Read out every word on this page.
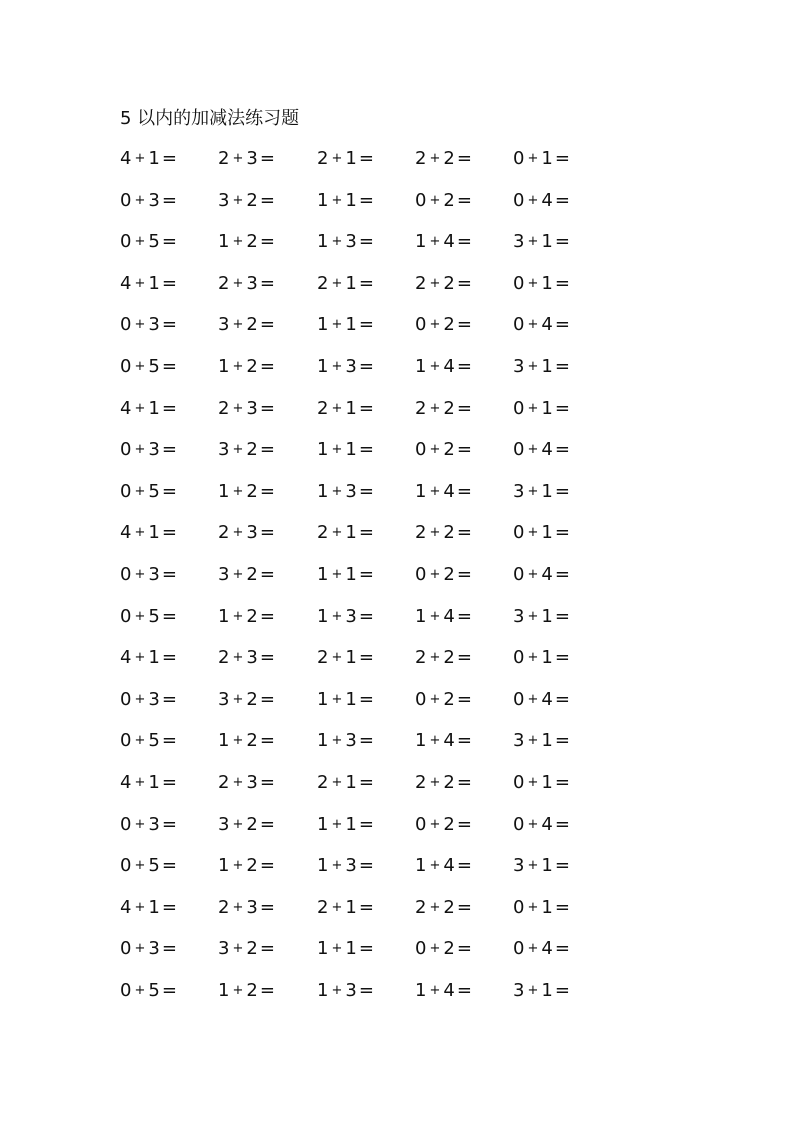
5 以内的加减法练习题
4 + 1 = 2 + 3 = 2 + 1 = 2 + 2 = 0 + 1 =
0 + 3 = 3 + 2 = 1 + 1 = 0 + 2 = 0 + 4 =
0 + 5 = 1 + 2 = 1 + 3 = 1 + 4 = 3 + 1 =
4 + 1 = 2 + 3 = 2 + 1 = 2 + 2 = 0 + 1 =
0 + 3 = 3 + 2 = 1 + 1 = 0 + 2 = 0 + 4 =
0 + 5 = 1 + 2 = 1 + 3 = 1 + 4 = 3 + 1 =
4 + 1 = 2 + 3 = 2 + 1 = 2 + 2 = 0 + 1 =
0 + 3 = 3 + 2 = 1 + 1 = 0 + 2 = 0 + 4 =
0 + 5 = 1 + 2 = 1 + 3 = 1 + 4 = 3 + 1 =
4 + 1 = 2 + 3 = 2 + 1 = 2 + 2 = 0 + 1 =
0 + 3 = 3 + 2 = 1 + 1 = 0 + 2 = 0 + 4 =
0 + 5 = 1 + 2 = 1 + 3 = 1 + 4 = 3 + 1 =
4 + 1 = 2 + 3 = 2 + 1 = 2 + 2 = 0 + 1 =
0 + 3 = 3 + 2 = 1 + 1 = 0 + 2 = 0 + 4 =
0 + 5 = 1 + 2 = 1 + 3 = 1 + 4 = 3 + 1 =
4 + 1 = 2 + 3 = 2 + 1 = 2 + 2 = 0 + 1 =
0 + 3 = 3 + 2 = 1 + 1 = 0 + 2 = 0 + 4 =
0 + 5 = 1 + 2 = 1 + 3 = 1 + 4 = 3 + 1 =
4 + 1 = 2 + 3 = 2 + 1 = 2 + 2 = 0 + 1 =
0 + 3 = 3 + 2 = 1 + 1 = 0 + 2 = 0 + 4 =
0 + 5 = 1 + 2 = 1 + 3 = 1 + 4 = 3 + 1 =
